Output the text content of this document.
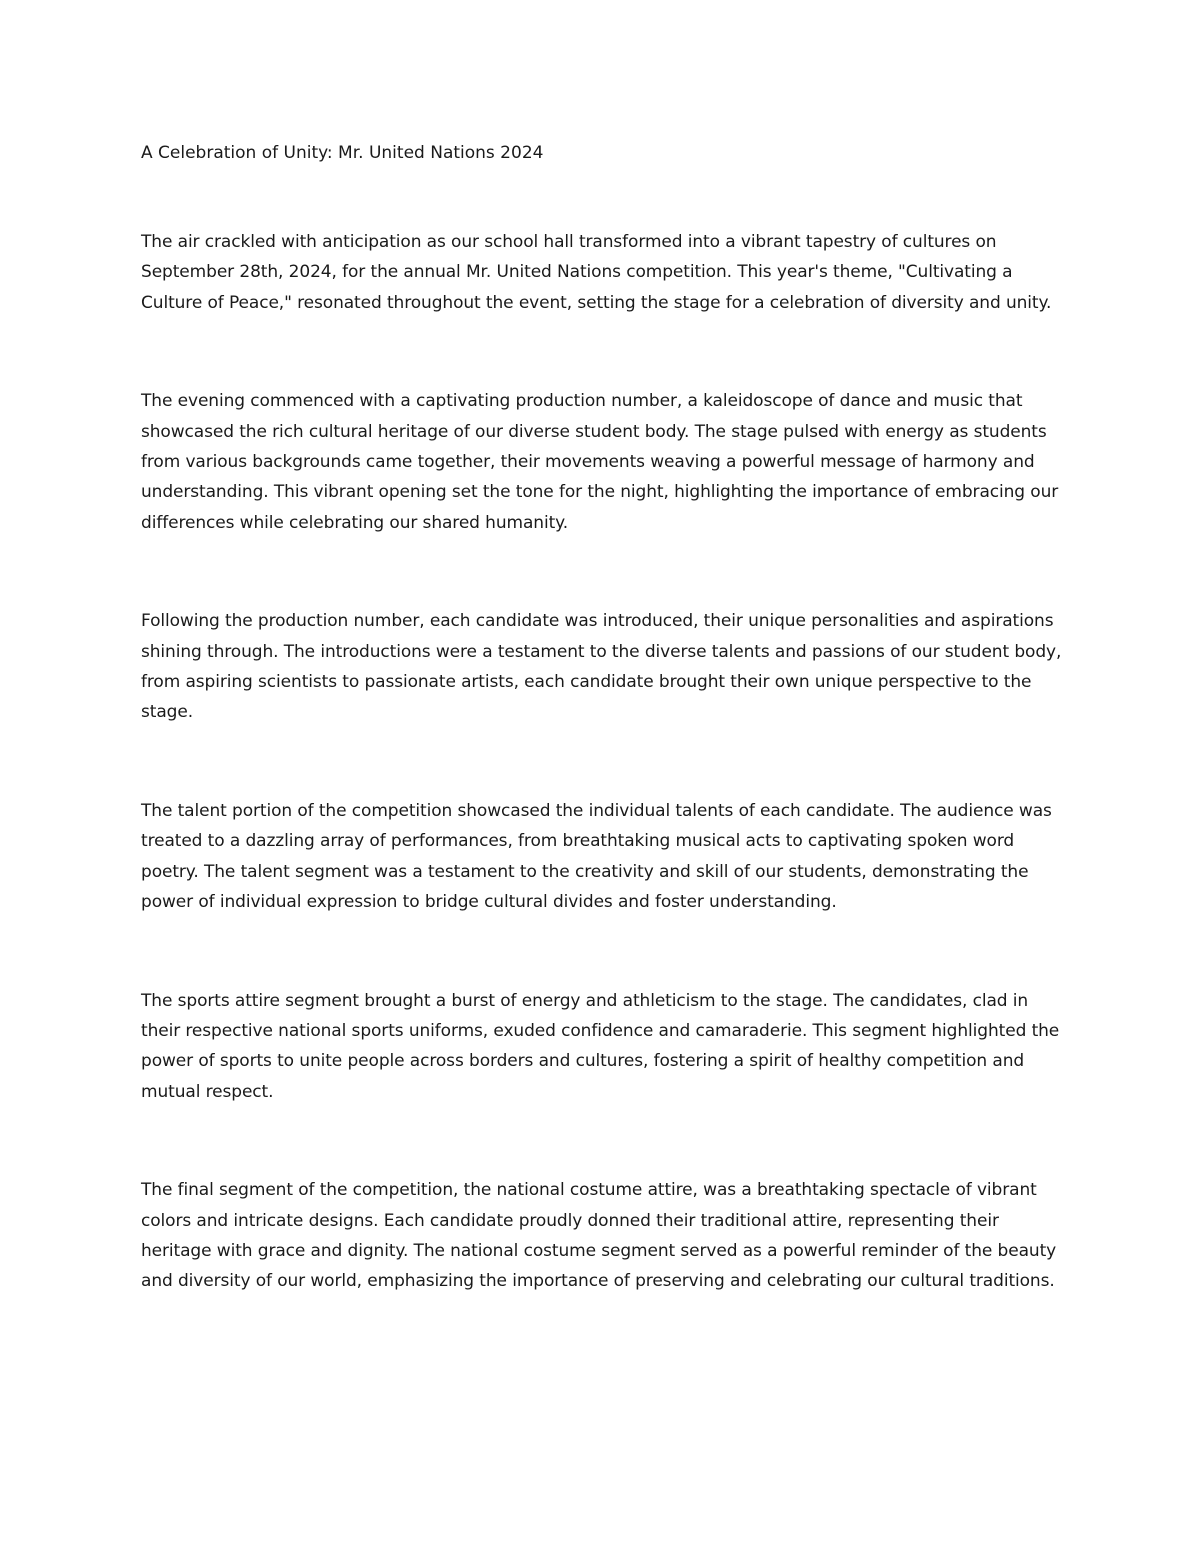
A Celebration of Unity: Mr. United Nations 2024

The air crackled with anticipation as our school hall transformed into a vibrant tapestry of cultures on September 28th, 2024, for the annual Mr. United Nations competition. This year's theme, "Cultivating a Culture of Peace," resonated throughout the event, setting the stage for a celebration of diversity and unity.

The evening commenced with a captivating production number, a kaleidoscope of dance and music that showcased the rich cultural heritage of our diverse student body. The stage pulsed with energy as students from various backgrounds came together, their movements weaving a powerful message of harmony and understanding. This vibrant opening set the tone for the night, highlighting the importance of embracing our differences while celebrating our shared humanity.

Following the production number, each candidate was introduced, their unique personalities and aspirations shining through. The introductions were a testament to the diverse talents and passions of our student body, from aspiring scientists to passionate artists, each candidate brought their own unique perspective to the stage.

The talent portion of the competition showcased the individual talents of each candidate. The audience was treated to a dazzling array of performances, from breathtaking musical acts to captivating spoken word poetry. The talent segment was a testament to the creativity and skill of our students, demonstrating the power of individual expression to bridge cultural divides and foster understanding.

The sports attire segment brought a burst of energy and athleticism to the stage. The candidates, clad in their respective national sports uniforms, exuded confidence and camaraderie. This segment highlighted the power of sports to unite people across borders and cultures, fostering a spirit of healthy competition and mutual respect.

The final segment of the competition, the national costume attire, was a breathtaking spectacle of vibrant colors and intricate designs. Each candidate proudly donned their traditional attire, representing their heritage with grace and dignity. The national costume segment served as a powerful reminder of the beauty and diversity of our world, emphasizing the importance of preserving and celebrating our cultural traditions.
